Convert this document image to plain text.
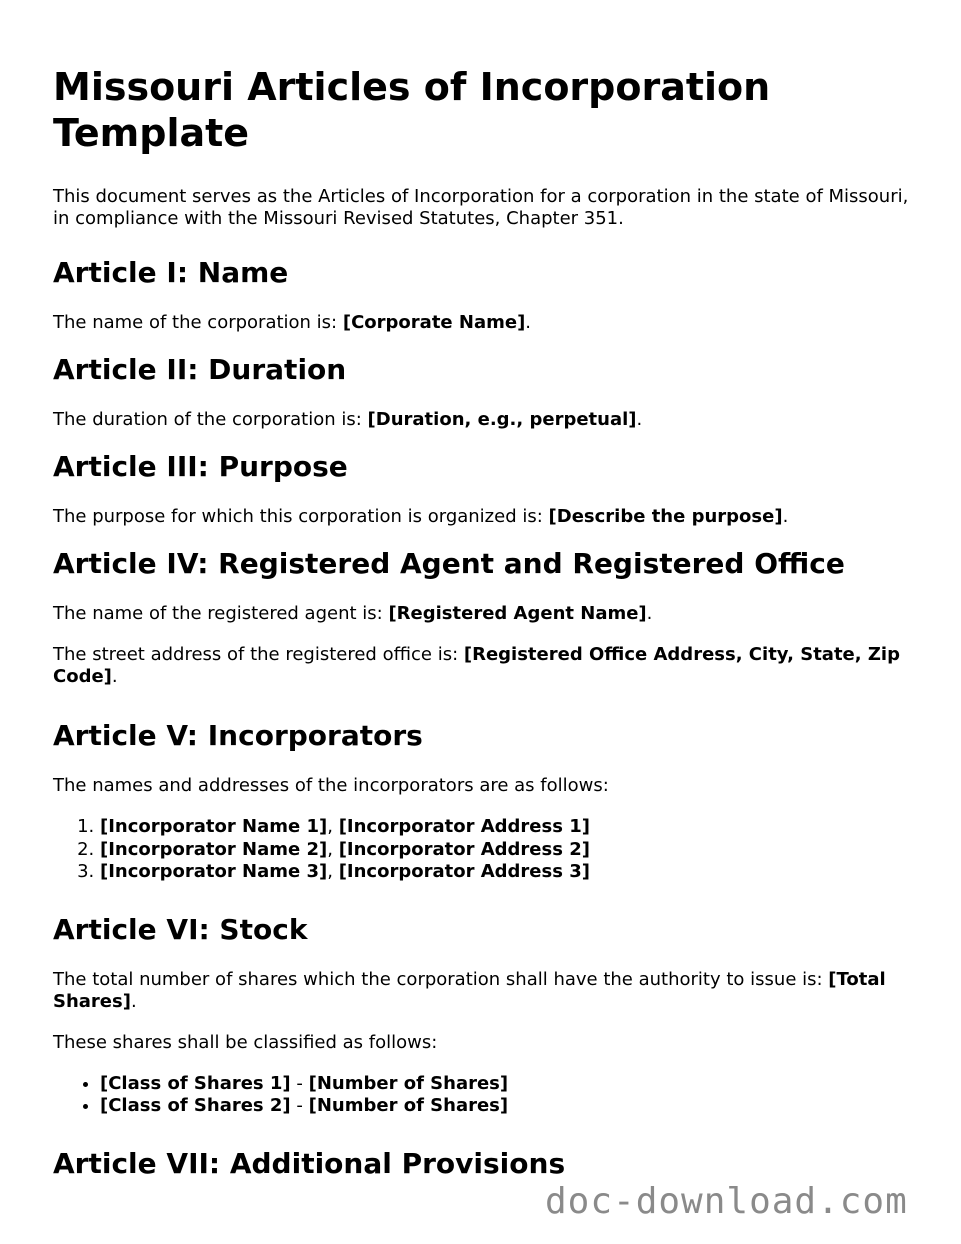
Missouri Articles of Incorporation Template

This document serves as the Articles of Incorporation for a corporation in the state of Missouri, in compliance with the Missouri Revised Statutes, Chapter 351.

Article I: Name

The name of the corporation is: [Corporate Name].

Article II: Duration

The duration of the corporation is: [Duration, e.g., perpetual].

Article III: Purpose

The purpose for which this corporation is organized is: [Describe the purpose].

Article IV: Registered Agent and Registered Office

The name of the registered agent is: [Registered Agent Name].

The street address of the registered office is: [Registered Office Address, City, State, Zip Code].

Article V: Incorporators

The names and addresses of the incorporators are as follows:

1. [Incorporator Name 1], [Incorporator Address 1]
2. [Incorporator Name 2], [Incorporator Address 2]
3. [Incorporator Name 3], [Incorporator Address 3]
Article VI: Stock

The total number of shares which the corporation shall have the authority to issue is: [Total Shares].

These shares shall be classified as follows:

• [Class of Shares 1] - [Number of Shares]
• [Class of Shares 2] - [Number of Shares]
Article VII: Additional Provisions
doc-download.com
